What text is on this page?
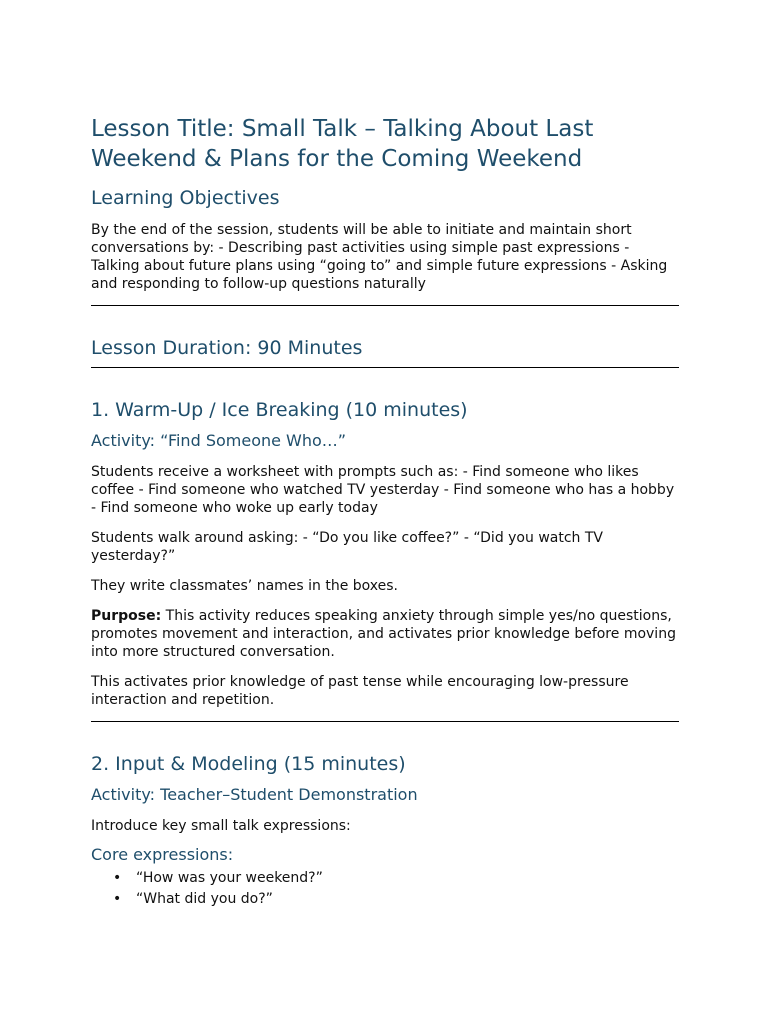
Lesson Title: Small Talk – Talking About Last Weekend & Plans for the Coming Weekend
Learning Objectives

By the end of the session, students will be able to initiate and maintain short conversations by: - Describing past activities using simple past expressions - Talking about future plans using “going to” and simple future expressions - Asking and responding to follow-up questions naturally

Lesson Duration: 90 Minutes
1. Warm-Up / Ice Breaking (10 minutes)
Activity: “Find Someone Who…”

Students receive a worksheet with prompts such as: - Find someone who likes coffee - Find someone who watched TV yesterday - Find someone who has a hobby - Find someone who woke up early today

Students walk around asking: - “Do you like coffee?” - “Did you watch TV yesterday?”

They write classmates’ names in the boxes.

Purpose: This activity reduces speaking anxiety through simple yes/no questions, promotes movement and interaction, and activates prior knowledge before moving into more structured conversation.

This activates prior knowledge of past tense while encouraging low-pressure interaction and repetition.

2. Input & Modeling (15 minutes)
Activity: Teacher–Student Demonstration

Introduce key small talk expressions:

Core expressions:
• “How was your weekend?”
• “What did you do?”
